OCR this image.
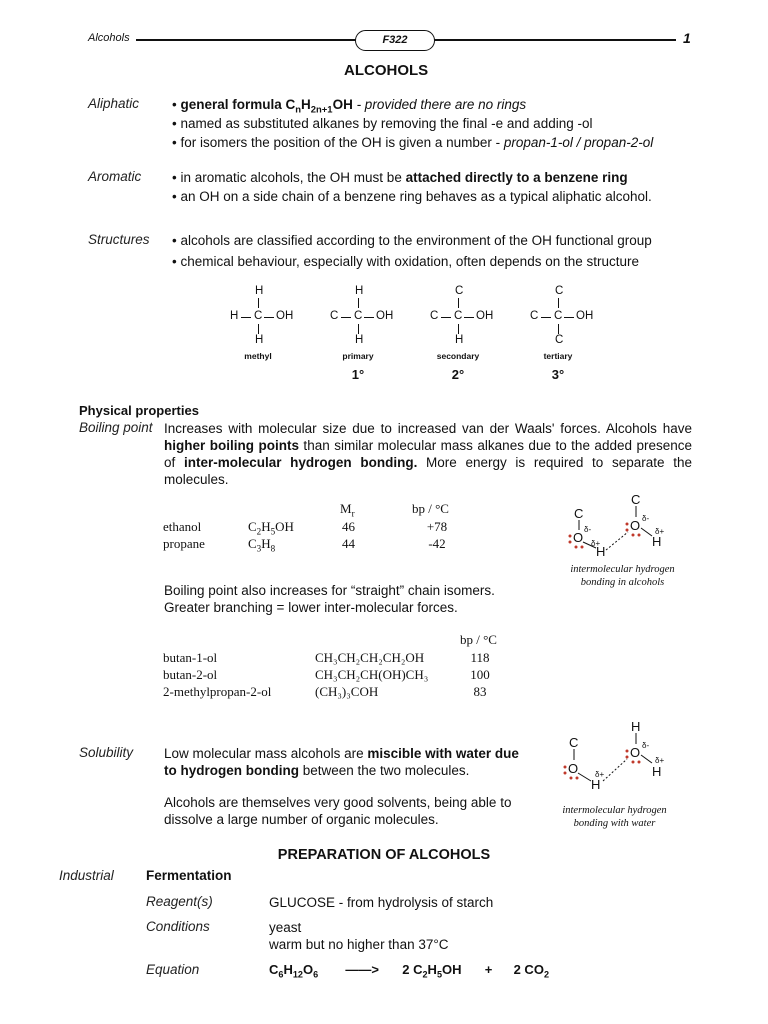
Alcohols	F322	1
ALCOHOLS
Aliphatic • general formula $C_nH_{2n+1}OH$ - provided there are no rings
• named as substituted alkanes by removing the final -e and adding -ol
• for isomers the position of the OH is given a number - propan-1-ol / propan-2-ol
Aromatic • in aromatic alcohols, the OH must be attached directly to a benzene ring
• an OH on a side chain of a benzene ring behaves as a typical aliphatic alcohol.
Structures • alcohols are classified according to the environment of the OH functional group
• chemical behaviour, especially with oxidation, often depends on the structure
H
H C OH
H
methyl
H
C C OH
H
primary
1°
C
C C OH
H
secondary
2°
C
C C OH
C
tertiary
3°
Physical properties
Boiling point Increases with molecular size due to increased van der Waals' forces. Alcohols have higher boiling points than similar molecular mass alkanes due to the added presence of inter-molecular hydrogen bonding. More energy is required to separate the molecules.
$M_r$	bp / °C
ethanol	$C_2H_5OH$	46	+78
propane	$C_3H_8$	44	-42
C
O
δ-
H
δ+
C
O δ-
H
δ+
intermolecular hydrogen
bonding in alcohols
Boiling point also increases for “straight” chain isomers.
Greater branching = lower inter-molecular forces.
bp / °C
butan-1-ol	CH₃CH₂CH₂CH₂OH	118
butan-2-ol	CH₃CH₂CH(OH)CH₃	100
2-methylpropan-2-ol	(CH₃)₃COH	83
Solubility Low molecular mass alcohols are miscible with water due to hydrogen bonding between the two molecules.
Alcohols are themselves very good solvents, being able to dissolve a large number of organic molecules.
H
O δ-
H
δ+
C
O
H
δ+
intermolecular hydrogen
bonding with water
PREPARATION OF ALCOHOLS
Industrial Fermentation
Reagent(s)	GLUCOSE - from hydrolysis of starch
Conditions	yeast
warm but no higher than 37°C
Equation	$C_6H_{12}O_6$ ——> 2 $C_2H_5OH + 2$ $CO_2$
